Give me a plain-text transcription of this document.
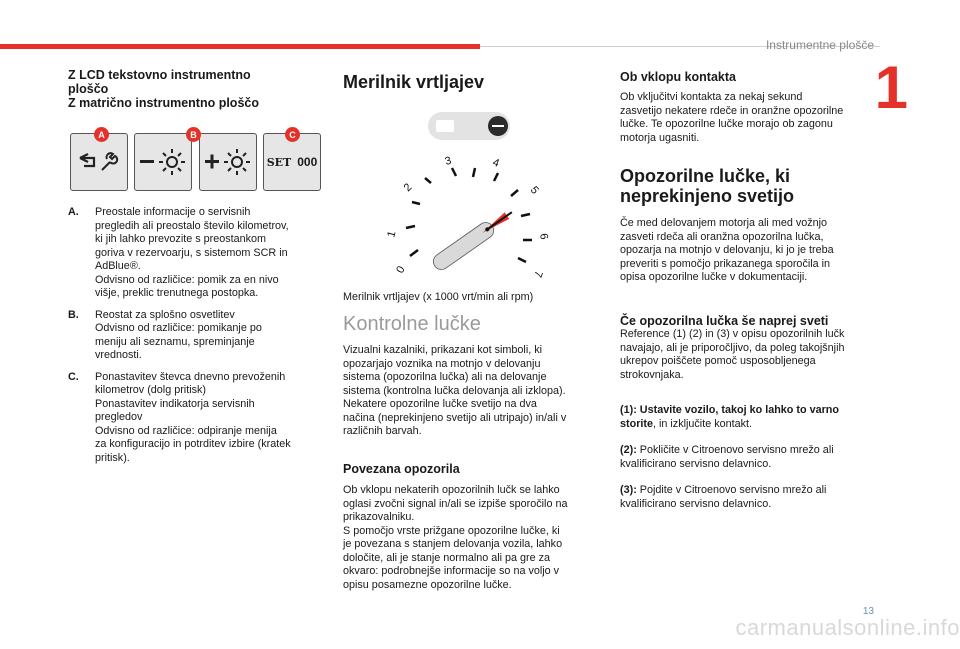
Instrumentne plošče
1
Z LCD tekstovno instrumentno
ploščo
Z matrično instrumentno ploščo
SET 000
A	B	C
A.	Preostale informacije o servisnih

pregledih ali preostalo število kilometrov,

ki jih lahko prevozite s preostankom

goriva v rezervoarju, s sistemom SCR in

AdBlue®.

Odvisno od različice: pomik za en nivo

višje, preklic trenutnega postopka.

B.	Reostat za splošno osvetlitev

Odvisno od različice: pomikanje po

meniju ali seznamu, spreminjanje

vrednosti.

C.	Ponastavitev števca dnevno prevoženih

kilometrov (dolg pritisk)

Ponastavitev indikatorja servisnih

pregledov

Odvisno od različice: odpiranje menija

za konfiguracijo in potrditev izbire (kratek

pritisk).

Merilnik vrtljajev
0
1
2
3	4
5
6
7

Merilnik vrtljajev (x 1000 vrt/min ali rpm)

Kontrolne lučke

Vizualni kazalniki, prikazani kot simboli, ki

opozarjajo voznika na motnjo v delovanju

sistema (opozorilna lučka) ali na delovanje

sistema (kontrolna lučka delovanja ali izklopa).

Nekatere opozorilne lučke svetijo na dva

načina (neprekinjeno svetijo ali utripajo) in/ali v

različnih barvah.

Povezana opozorila

Ob vklopu nekaterih opozorilnih lučk se lahko

oglasi zvočni signal in/ali se izpiše sporočilo na

prikazovalniku.

S pomočjo vrste prižgane opozorilne lučke, ki

je povezana s stanjem delovanja vozila, lahko

določite, ali je stanje normalno ali pa gre za

okvaro: podrobnejše informacije so na voljo v

opisu posamezne opozorilne lučke.

Ob vklopu kontakta

Ob vključitvi kontakta za nekaj sekund

zasvetijo nekatere rdeče in oranžne opozorilne

lučke. Te opozorilne lučke morajo ob zagonu

motorja ugasniti.

Opozorilne lučke, ki
neprekinjeno svetijo

Če med delovanjem motorja ali med vožnjo

zasveti rdeča ali oranžna opozorilna lučka,

opozarja na motnjo v delovanju, ki jo je treba

preveriti s pomočjo prikazanega sporočila in

opisa opozorilne lučke v dokumentaciji.

Če opozorilna lučka še naprej sveti

Reference (1) (2) in (3) v opisu opozorilnih lučk

navajajo, ali je priporočljivo, da poleg takojšnjih

ukrepov poiščete pomoč usposobljenega

strokovnjaka.

(1): Ustavite vozilo, takoj ko lahko to varno

storite, in izključite kontakt.

(2): Pokličite v Citroenovo servisno mrežo ali

kvalificirano servisno delavnico.

(3): Pojdite v Citroenovo servisno mrežo ali

kvalificirano servisno delavnico.

13
carmanualsonline.info
